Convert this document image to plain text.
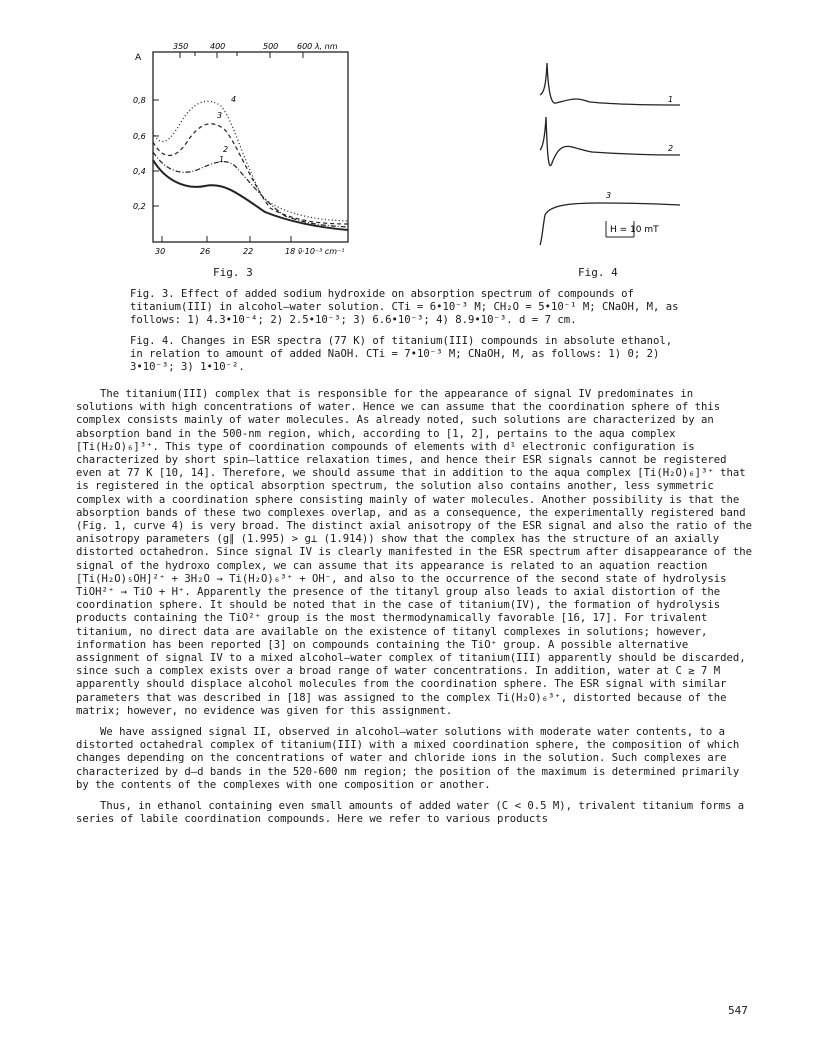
350	400	500 600 λ, nm
A
0,8
0,6
0,4
0,2
30	26	22	18 ν̃·10⁻³ cm⁻¹
1
2
3
4
Fig. 3
1
2
3
H = 10 mT
Fig. 4

Fig. 3. Effect of added sodium hydroxide on absorption spectrum of compounds of titanium(III) in alcohol—water solution. CTi = 6•10⁻³ M; CH₂O = 5•10⁻¹ M; CNaOH, M, as follows: 1) 4.3•10⁻⁴; 2) 2.5•10⁻³; 3) 6.6•10⁻³; 4) 8.9•10⁻³. d = 7 cm.

Fig. 4. Changes in ESR spectra (77 K) of titanium(III) compounds in absolute ethanol, in relation to amount of added NaOH. CTi = 7•10⁻³ M; CNaOH, M, as follows: 1) 0; 2) 3•10⁻³; 3) 1•10⁻².

The titanium(III) complex that is responsible for the appearance of signal IV predominates in solutions with high concentrations of water. Hence we can assume that the coordination sphere of this complex consists mainly of water molecules. As already noted, such solutions are characterized by an absorption band in the 500-nm region, which, according to [1, 2], pertains to the aqua complex [Ti(H₂O)₆]³⁺. This type of coordination compounds of elements with d¹ electronic configuration is characterized by short spin—lattice relaxation times, and hence their ESR signals cannot be registered even at 77 K [10, 14]. Therefore, we should assume that in addition to the aqua complex [Ti(H₂O)₆]³⁺ that is registered in the optical absorption spectrum, the solution also contains another, less symmetric complex with a coordination sphere consisting mainly of water molecules. Another possibility is that the absorption bands of these two complexes overlap, and as a consequence, the experimentally registered band (Fig. 1, curve 4) is very broad. The distinct axial anisotropy of the ESR signal and also the ratio of the anisotropy parameters (g∥ (1.995) > g⊥ (1.914)) show that the complex has the structure of an axially distorted octahedron. Since signal IV is clearly manifested in the ESR spectrum after disappearance of the signal of the hydroxo complex, we can assume that its appearance is related to an aquation reaction [Ti(H₂O)₅OH]²⁺ + 3H₂O → Ti(H₂O)₆³⁺ + OH⁻, and also to the occurrence of the second state of hydrolysis TiOH²⁺ → TiO + H⁺. Apparently the presence of the titanyl group also leads to axial distortion of the coordination sphere. It should be noted that in the case of titanium(IV), the formation of hydrolysis products containing the TiO²⁺ group is the most thermodynamically favorable [16, 17]. For trivalent titanium, no direct data are available on the existence of titanyl complexes in solutions; however, information has been reported [3] on compounds containing the TiO⁺ group. A possible alternative assignment of signal IV to a mixed alcohol—water complex of titanium(III) apparently should be discarded, since such a complex exists over a broad range of water concentrations. In addition, water at C ≳ 7 M apparently should displace alcohol molecules from the coordination sphere. The ESR signal with similar parameters that was described in [18] was assigned to the complex Ti(H₂O)₆³⁺, distorted because of the matrix; however, no evidence was given for this assignment.

We have assigned signal II, observed in alcohol—water solutions with moderate water contents, to a distorted octahedral complex of titanium(III) with a mixed coordination sphere, the composition of which changes depending on the concentrations of water and chloride ions in the solution. Such complexes are characterized by d—d bands in the 520-600 nm region; the position of the maximum is determined primarily by the contents of the complexes with one composition or another.

Thus, in ethanol containing even small amounts of added water (C < 0.5 M), trivalent titanium forms a series of labile coordination compounds. Here we refer to various products

547
